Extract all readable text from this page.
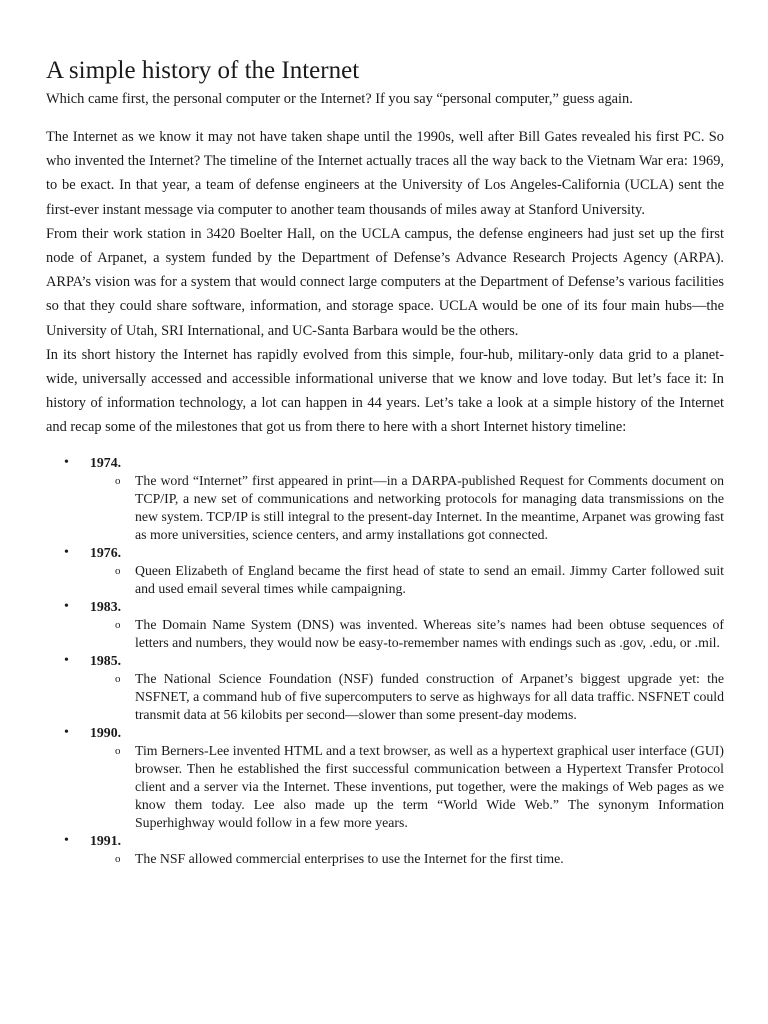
A simple history of the Internet

Which came first, the personal computer or the Internet? If you say “personal computer,” guess again.

The Internet as we know it may not have taken shape until the 1990s, well after Bill Gates revealed his first PC. So who invented the Internet? The timeline of the Internet actually traces all the way back to the Vietnam War era: 1969, to be exact. In that year, a team of defense engineers at the University of Los Angeles-California (UCLA) sent the first-ever instant message via computer to another team thousands of miles away at Stanford University.

From their work station in 3420 Boelter Hall, on the UCLA campus, the defense engineers had just set up the first node of Arpanet, a system funded by the Department of Defense’s Advance Research Projects Agency (ARPA). ARPA’s vision was for a system that would connect large computers at the Department of Defense’s various facilities so that they could share software, information, and storage space. UCLA would be one of its four main hubs—the University of Utah, SRI International, and UC-Santa Barbara would be the others.

In its short history the Internet has rapidly evolved from this simple, four-hub, military-only data grid to a planet-wide, universally accessed and accessible informational universe that we know and love today. But let’s face it: In history of information technology, a lot can happen in 44 years. Let’s take a look at a simple history of the Internet and recap some of the milestones that got us from there to here with a short Internet history timeline:

• 1974.
o The word “Internet” first appeared in print—in a DARPA-published Request for Comments document on TCP/IP, a new set of communications and networking protocols for managing data transmissions on the new system. TCP/IP is still integral to the present-day Internet. In the meantime, Arpanet was growing fast as more universities, science centers, and army installations got connected.
• 1976.
o Queen Elizabeth of England became the first head of state to send an email. Jimmy Carter followed suit and used email several times while campaigning.
• 1983.
o The Domain Name System (DNS) was invented. Whereas site’s names had been obtuse sequences of letters and numbers, they would now be easy-to-remember names with endings such as .gov, .edu, or .mil.
• 1985.
o The National Science Foundation (NSF) funded construction of Arpanet’s biggest upgrade yet: the NSFNET, a command hub of five supercomputers to serve as highways for all data traffic. NSFNET could transmit data at 56 kilobits per second—slower than some present-day modems.
• 1990.
o Tim Berners-Lee invented HTML and a text browser, as well as a hypertext graphical user interface (GUI) browser. Then he established the first successful communication between a Hypertext Transfer Protocol client and a server via the Internet. These inventions, put together, were the makings of Web pages as we know them today. Lee also made up the term “World Wide Web.” The synonym Information Superhighway would follow in a few more years.
• 1991.
o The NSF allowed commercial enterprises to use the Internet for the first time.
